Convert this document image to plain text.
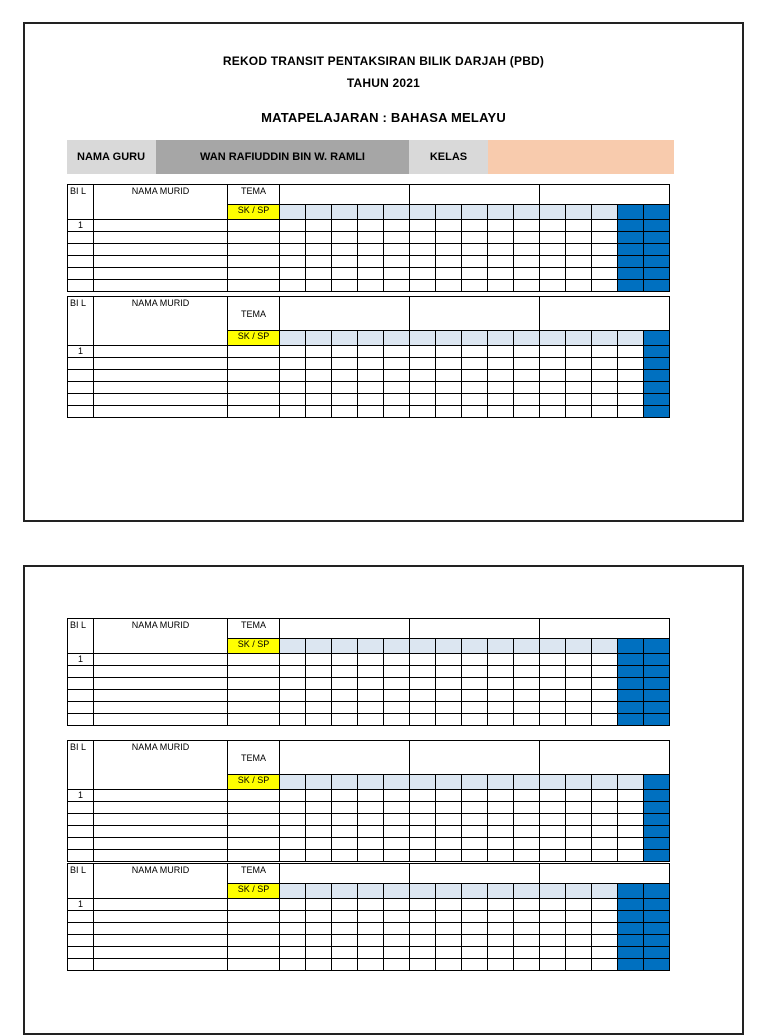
REKOD TRANSIT PENTAKSIRAN BILIK DARJAH (PBD)
TAHUN 2021
MATAPELAJARAN : BAHASA MELAYU
NAMA GURU	WAN RAFIUDDIN BIN W. RAMLI	KELAS
BI L	NAMA MURID	TEMA															
		SK / SP															
1																	

BI L	NAMA MURID	TEMA															
		SK / SP															
1																	

BI L	NAMA MURID	TEMA															
		SK / SP															
1																	

BI L	NAMA MURID	TEMA															
		SK / SP															
1																	

BI L	NAMA MURID	TEMA															
		SK / SP															
1																	
